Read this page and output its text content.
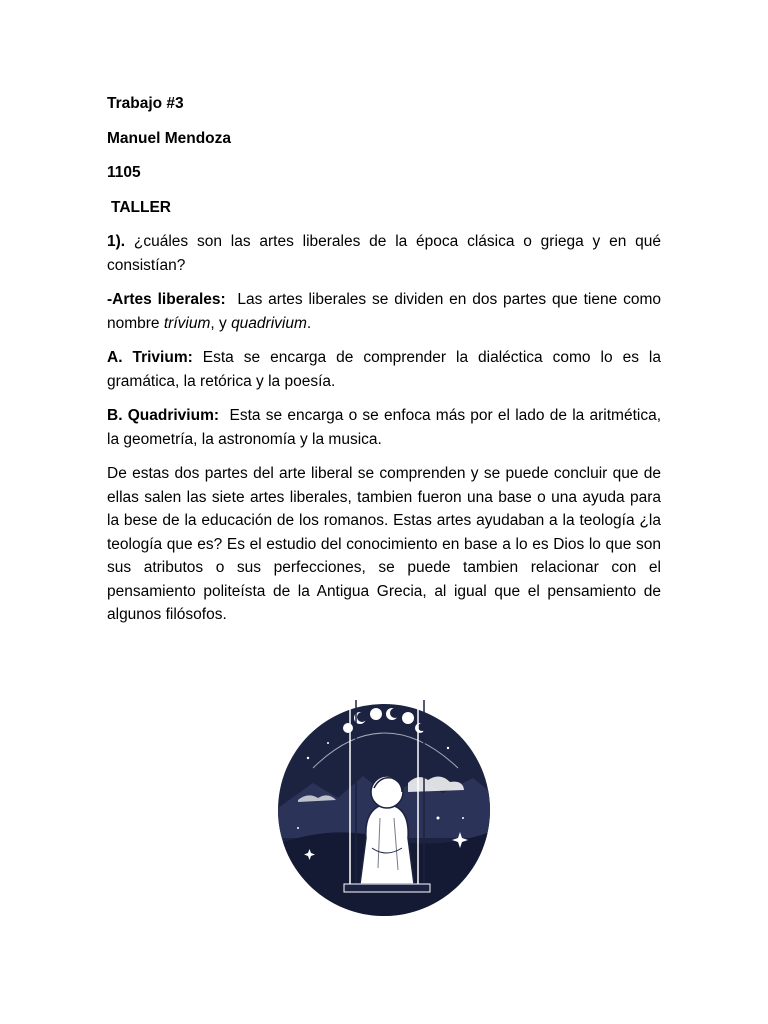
Trabajo #3
Manuel Mendoza
1105
TALLER

1). ¿cuáles son las artes liberales de la época clásica o griega y en qué consistían?

-Artes liberales: Las artes liberales se dividen en dos partes que tiene como nombre trívium, y quadrivium.

A. Trivium: Esta se encarga de comprender la dialéctica como lo es la gramática, la retórica y la poesía.

B. Quadrivium: Esta se encarga o se enfoca más por el lado de la aritmética, la geometría, la astronomía y la musica.

De estas dos partes del arte liberal se comprenden y se puede concluir que de ellas salen las siete artes liberales, tambien fueron una base o una ayuda para la bese de la educación de los romanos. Estas artes ayudaban a la teología ¿la teología que es? Es el estudio del conocimiento en base a lo es Dios lo que son sus atributos o sus perfecciones, se puede tambien relacionar con el pensamiento politeísta de la Antigua Grecia, al igual que el pensamiento de algunos filósofos.
